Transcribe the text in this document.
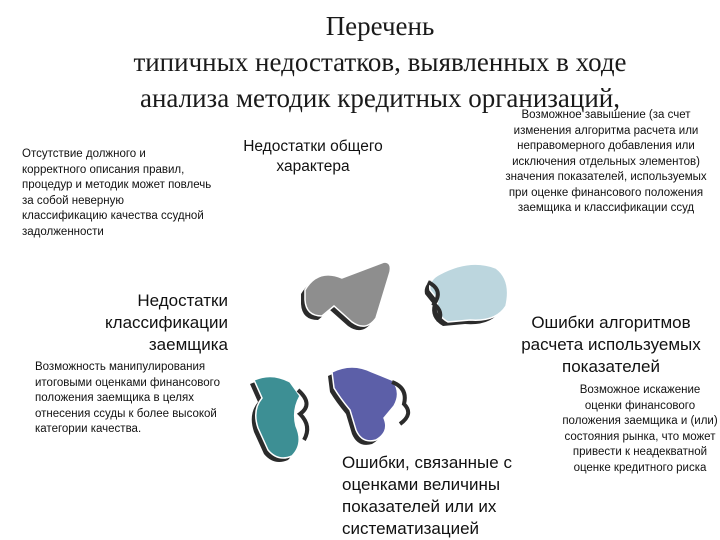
Перечень
типичных недостатков, выявленных в ходе
анализа методик кредитных организаций,
Отсутствие должного и корректного описания правил, процедур и методик может повлечь за собой неверную классификацию качества ссудной задолженности
Недостатки общего характера
Возможное завышение (за счет изменения алгоритма расчета или неправомерного добавления или исключения отдельных элементов) значения показателей, используемых при оценке финансового положения заемщика и классификации ссуд
Недостатки классификации заемщика
Ошибки алгоритмов расчета используемых показателей
Возможность манипулирования итоговыми оценками финансового положения заемщика в целях отнесения ссуды к более высокой категории качества.
Возможное искажение оценки финансового положения заемщика и (или) состояния рынка, что может привести к неадекватной оценке кредитного риска
Ошибки, связанные с оценками величины показателей или их систематизацией
